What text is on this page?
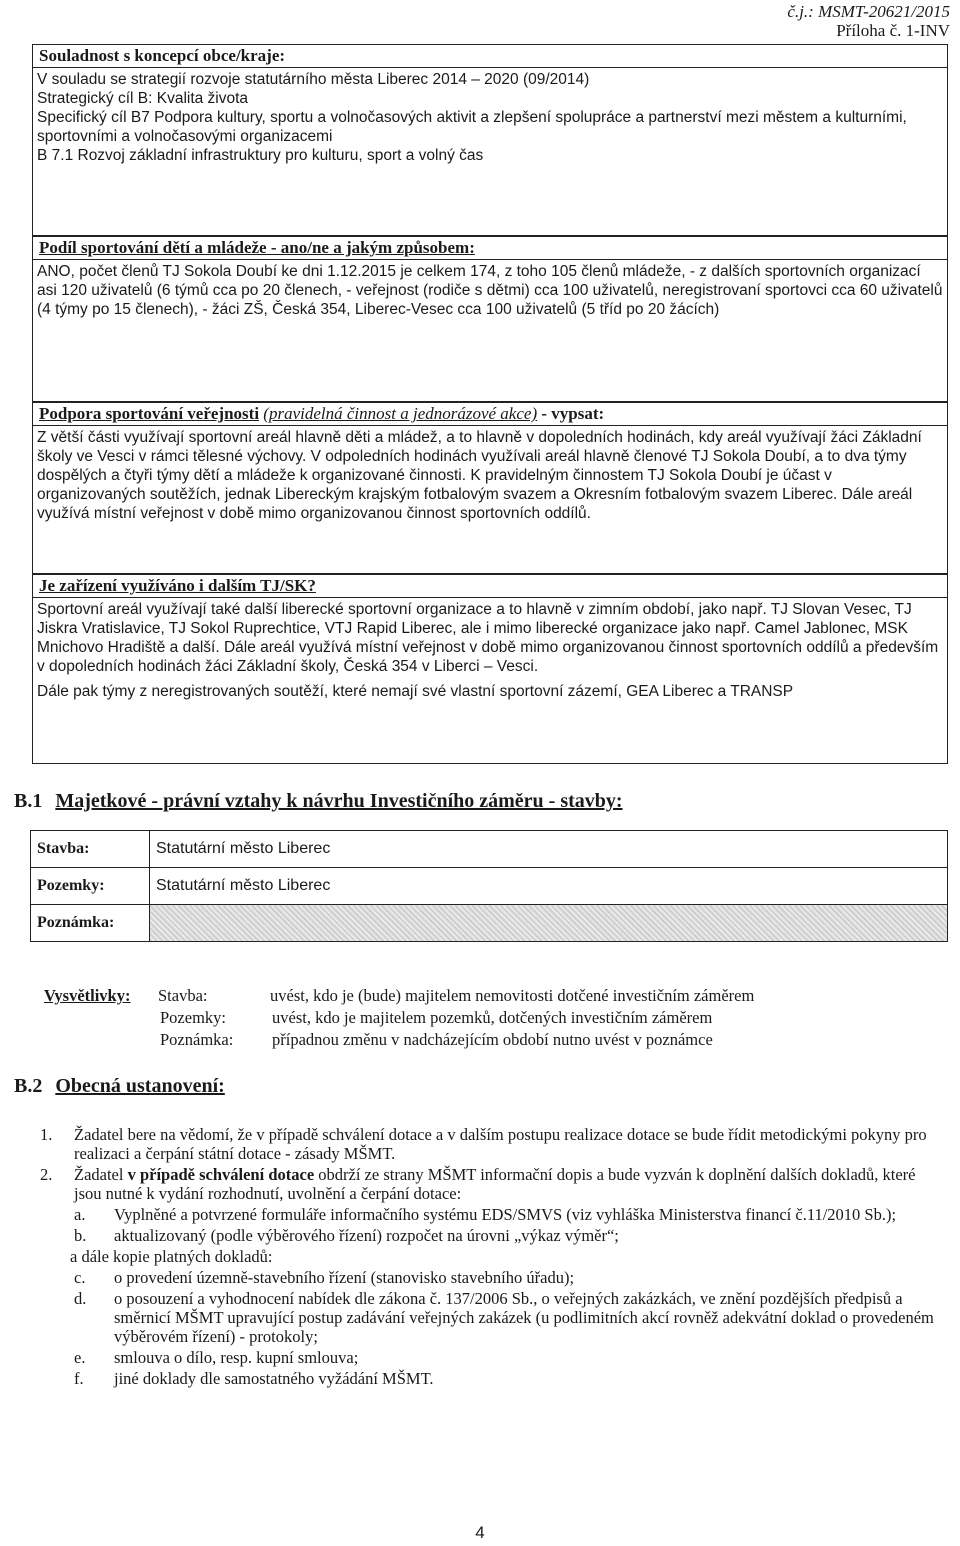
č.j.: MSMT-20621/2015
Příloha č. 1-INV
Souladnost s koncepcí obce/kraje:
V souladu se strategií rozvoje statutárního města Liberec 2014 – 2020 (09/2014)
Strategický cíl B: Kvalita života
Specifický cíl B7 Podpora kultury, sportu a volnočasových aktivit a zlepšení spolupráce a partnerství mezi městem a kulturními, sportovními a volnočasovými organizacemi
B 7.1 Rozvoj základní infrastruktury pro kulturu, sport a volný čas
Podíl sportování dětí a mládeže - ano/ne a jakým způsobem:
ANO, počet členů TJ Sokola Doubí ke dni 1.12.2015 je celkem 174, z toho 105 členů mládeže, - z dalších sportovních organizací asi 120 uživatelů (6 týmů cca po 20 členech, - veřejnost (rodiče s dětmi) cca 100 uživatelů, neregistrovaní sportovci cca 60 uživatelů (4 týmy po 15 členech), - žáci ZŠ, Česká 354, Liberec-Vesec cca 100 uživatelů (5 tříd po 20 žácích)
Podpora sportování veřejnosti (pravidelná činnost a jednorázové akce) - vypsat:
Z větší části využívají sportovní areál hlavně děti a mládež, a to hlavně v dopoledních hodinách, kdy areál využívají žáci Základní školy ve Vesci v rámci tělesné výchovy. V odpoledních hodinách využívali areál hlavně členové TJ Sokola Doubí, a to dva týmy dospělých a čtyři týmy dětí a mládeže k organizované činnosti. K pravidelným činnostem TJ Sokola Doubí je účast v organizovaných soutěžích, jednak Libereckým krajským fotbalovým svazem a Okresním fotbalovým svazem Liberec. Dále areál využívá místní veřejnost v době mimo organizovanou činnost sportovních oddílů.
Je zařízení využíváno i dalším TJ/SK?
Sportovní areál využívají také další liberecké sportovní organizace a to hlavně v zimním období, jako např. TJ Slovan Vesec, TJ Jiskra Vratislavice, TJ Sokol Ruprechtice, VTJ Rapid Liberec, ale i mimo liberecké organizace jako např. Camel Jablonec, MSK Mnichovo Hradiště a další. Dále areál využívá místní veřejnost v době mimo organizovanou činnost sportovních oddílů a především v dopoledních hodinách žáci Základní školy, Česká 354 v Liberci – Vesci.
Dále pak týmy z neregistrovaných soutěží, které nemají své vlastní sportovní zázemí, GEA Liberec a TRANSP
B.1 Majetkové - právní vztahy k návrhu Investičního záměru - stavby:
Stavba:	Statutární město Liberec
Pozemky:	Statutární město Liberec
Poznámka:	
Vysvětlivky:	Stavba:	uvést, kdo je (bude) majitelem nemovitosti dotčené investičním záměrem
Pozemky:	uvést, kdo je majitelem pozemků, dotčených investičním záměrem
Poznámka:	případnou změnu v nadcházejícím období nutno uvést v poznámce
B.2 Obecná ustanovení:
1.	Žadatel bere na vědomí, že v případě schválení dotace a v dalším postupu realizace dotace se bude řídit metodickými pokyny pro realizaci a čerpání státní dotace - zásady MŠMT.
2.	Žadatel v případě schválení dotace obdrží ze strany MŠMT informační dopis a bude vyzván k doplnění dalších dokladů, které jsou nutné k vydání rozhodnutí, uvolnění a čerpání dotace:
a.	Vyplněné a potvrzené formuláře informačního systému EDS/SMVS (viz vyhláška Ministerstva financí č.11/2010 Sb.);
b.	aktualizovaný (podle výběrového řízení) rozpočet na úrovni „výkaz výměr“;
a dále kopie platných dokladů:
c.	o provedení územně-stavebního řízení (stanovisko stavebního úřadu);
d.	o posouzení a vyhodnocení nabídek dle zákona č. 137/2006 Sb., o veřejných zakázkách, ve znění pozdějších předpisů a směrnicí MŠMT upravující postup zadávání veřejných zakázek (u podlimitních akcí rovněž adekvátní doklad o provedeném výběrovém řízení) - protokoly;
e.	smlouva o dílo, resp. kupní smlouva;
f.	jiné doklady dle samostatného vyžádání MŠMT.
4
